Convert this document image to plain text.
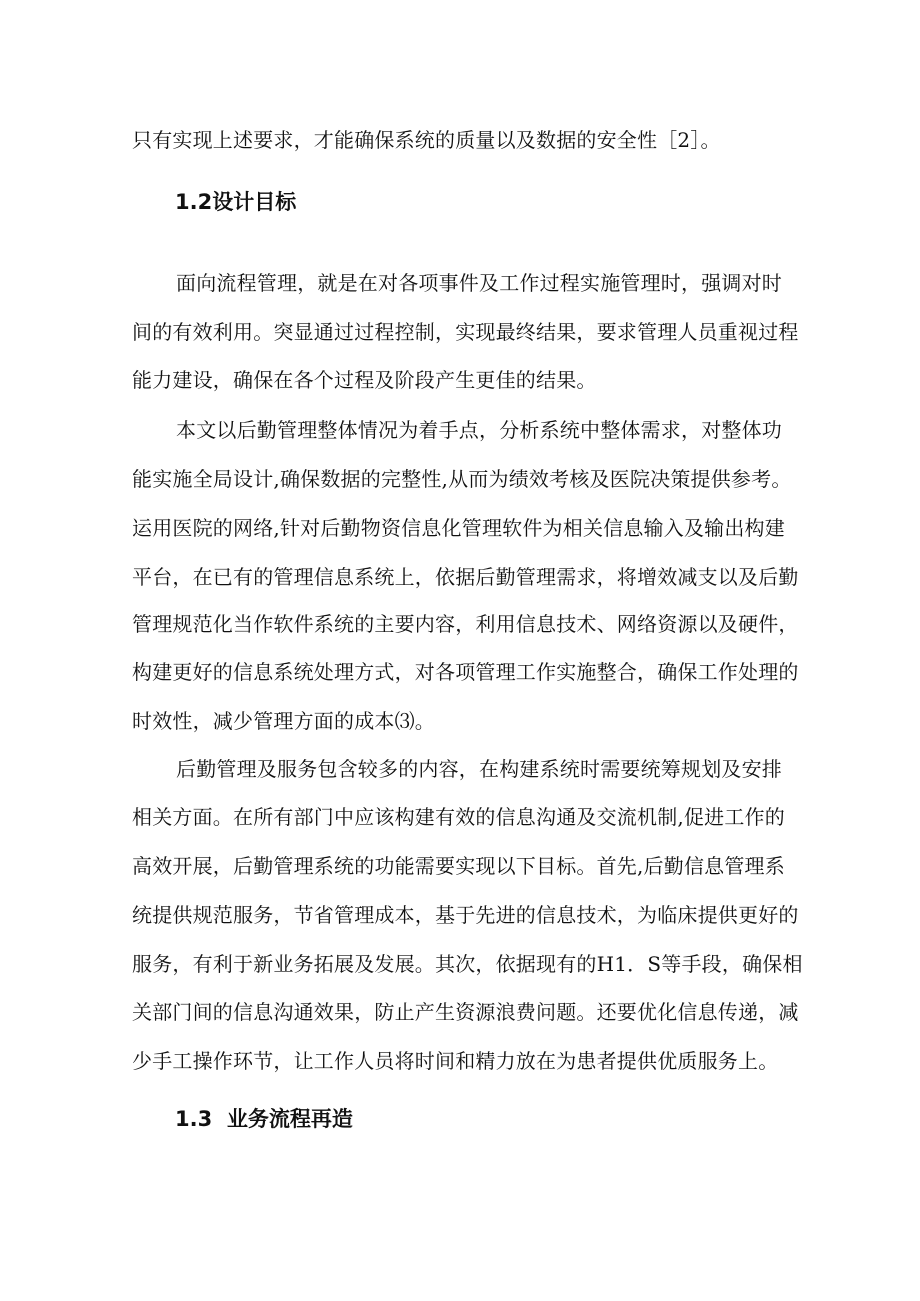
只有实现上述要求，才能确保系统的质量以及数据的安全性［2］。
1.2设计目标
面向流程管理，就是在对各项事件及工作过程实施管理时，强调对时
间的有效利用。突显通过过程控制，实现最终结果，要求管理人员重视过程
能力建设，确保在各个过程及阶段产生更佳的结果。
本文以后勤管理整体情况为着手点，分析系统中整体需求，对整体功
能实施全局设计,确保数据的完整性,从而为绩效考核及医院决策提供参考。
运用医院的网络,针对后勤物资信息化管理软件为相关信息输入及输出构建
平台，在已有的管理信息系统上，依据后勤管理需求，将增效减支以及后勤
管理规范化当作软件系统的主要内容，利用信息技术、网络资源以及硬件，
构建更好的信息系统处理方式，对各项管理工作实施整合，确保工作处理的
时效性，减少管理方面的成本⑶。
后勤管理及服务包含较多的内容，在构建系统时需要统筹规划及安排
相关方面。在所有部门中应该构建有效的信息沟通及交流机制,促进工作的
高效开展，后勤管理系统的功能需要实现以下目标。首先,后勤信息管理系
统提供规范服务，节省管理成本，基于先进的信息技术，为临床提供更好的
服务，有利于新业务拓展及发展。其次，依据现有的H1．S等手段，确保相
关部门间的信息沟通效果，防止产生资源浪费问题。还要优化信息传递，减
少手工操作环节，让工作人员将时间和精力放在为患者提供优质服务上。
1.3  业务流程再造
